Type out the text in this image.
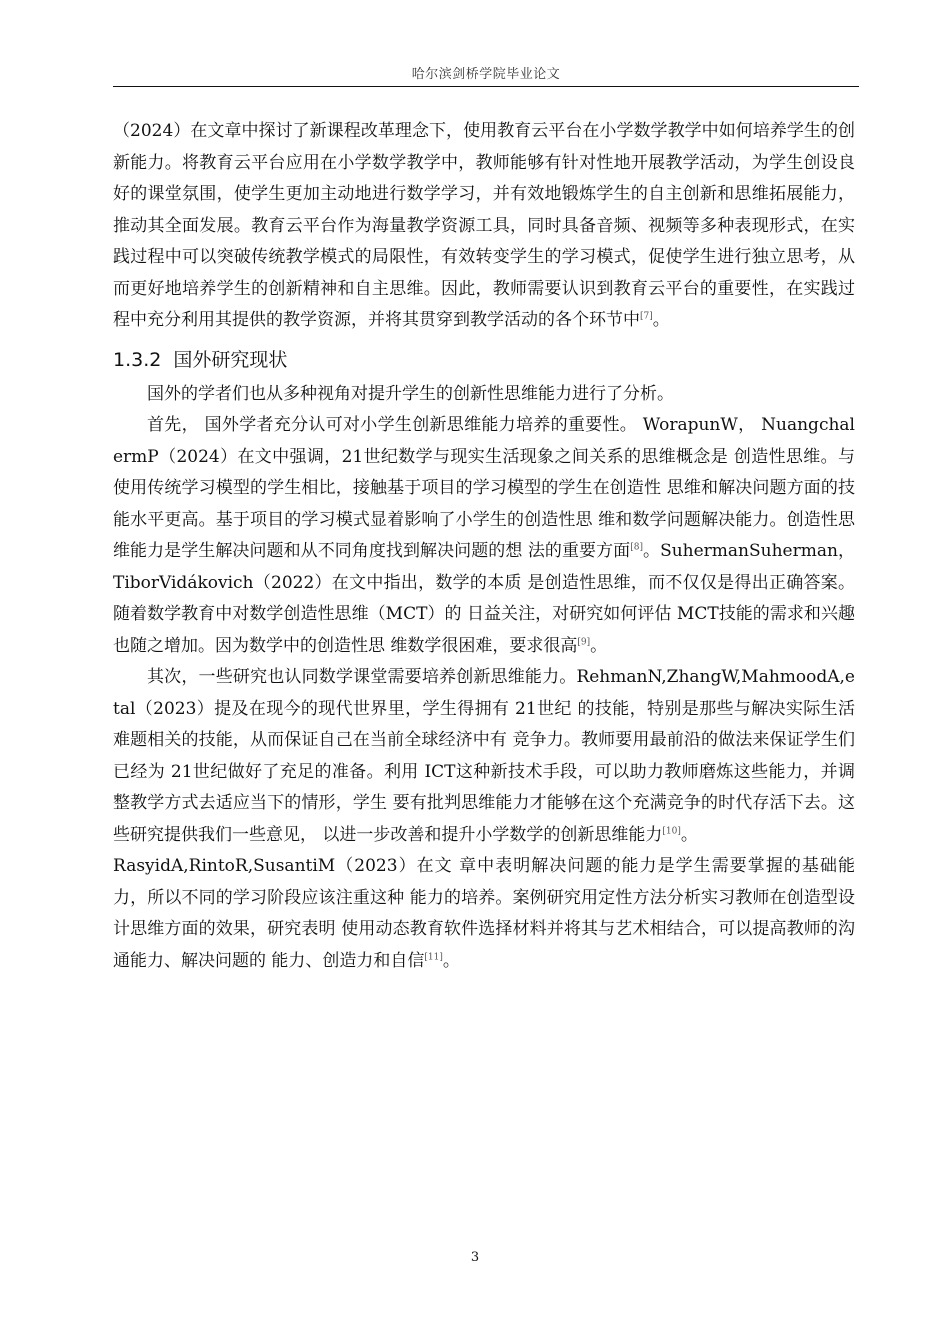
哈尔滨剑桥学院毕业论文

（2024）在文章中探讨了新课程改革理念下，使用教育云平台在小学数学教学中如何培养学生的创新能力。将教育云平台应用在小学数学教学中，教师能够有针对性地开展教学活动，为学生创设良好的课堂氛围，使学生更加主动地进行数学学习，并有效地锻炼学生的自主创新和思维拓展能力，推动其全面发展。教育云平台作为海量教学资源工具，同时具备音频、视频等多种表现形式，在实践过程中可以突破传统教学模式的局限性，有效转变学生的学习模式，促使学生进行独立思考，从而更好地培养学生的创新精神和自主思维。因此，教师需要认识到教育云平台的重要性，在实践过程中充分利用其提供的教学资源，并将其贯穿到教学活动的各个环节中[7]。

1.3.2 国外研究现状

国外的学者们也从多种视角对提升学生的创新性思维能力进行了分析。

首先， 国外学者充分认可对小学生创新思维能力培养的重要性。 WorapunW， NuangchalermP（2024）在文中强调，21世纪数学与现实生活现象之间关系的思维概念是 创造性思维。与使用传统学习模型的学生相比，接触基于项目的学习模型的学生在创造性 思维和解决问题方面的技能水平更高。基于项目的学习模式显着影响了小学生的创造性思 维和数学问题解决能力。创造性思维能力是学生解决问题和从不同角度找到解决问题的想 法的重要方面[8]。SuhermanSuherman，TiborVidákovich（2022）在文中指出，数学的本质 是创造性思维，而不仅仅是得出正确答案。随着数学教育中对数学创造性思维（MCT）的 日益关注，对研究如何评估 MCT技能的需求和兴趣也随之增加。因为数学中的创造性思 维数学很困难，要求很高[9]。

其次，一些研究也认同数学课堂需要培养创新思维能力。RehmanN,ZhangW,MahmoodA,etal（2023）提及在现今的现代世界里，学生得拥有 21世纪 的技能，特别是那些与解决实际生活难题相关的技能，从而保证自己在当前全球经济中有 竞争力。教师要用最前沿的做法来保证学生们已经为 21世纪做好了充足的准备。利用 ICT这种新技术手段，可以助力教师磨炼这些能力，并调整教学方式去适应当下的情形，学生 要有批判思维能力才能够在这个充满竞争的时代存活下去。这些研究提供我们一些意见， 以进一步改善和提升小学数学的创新思维能力[10]。

RasyidA,RintoR,SusantiM（2023）在文 章中表明解决问题的能力是学生需要掌握的基础能力，所以不同的学习阶段应该注重这种 能力的培养。案例研究用定性方法分析实习教师在创造型设计思维方面的效果，研究表明 使用动态教育软件选择材料并将其与艺术相结合，可以提高教师的沟通能力、解决问题的 能力、创造力和自信[11]。

3
